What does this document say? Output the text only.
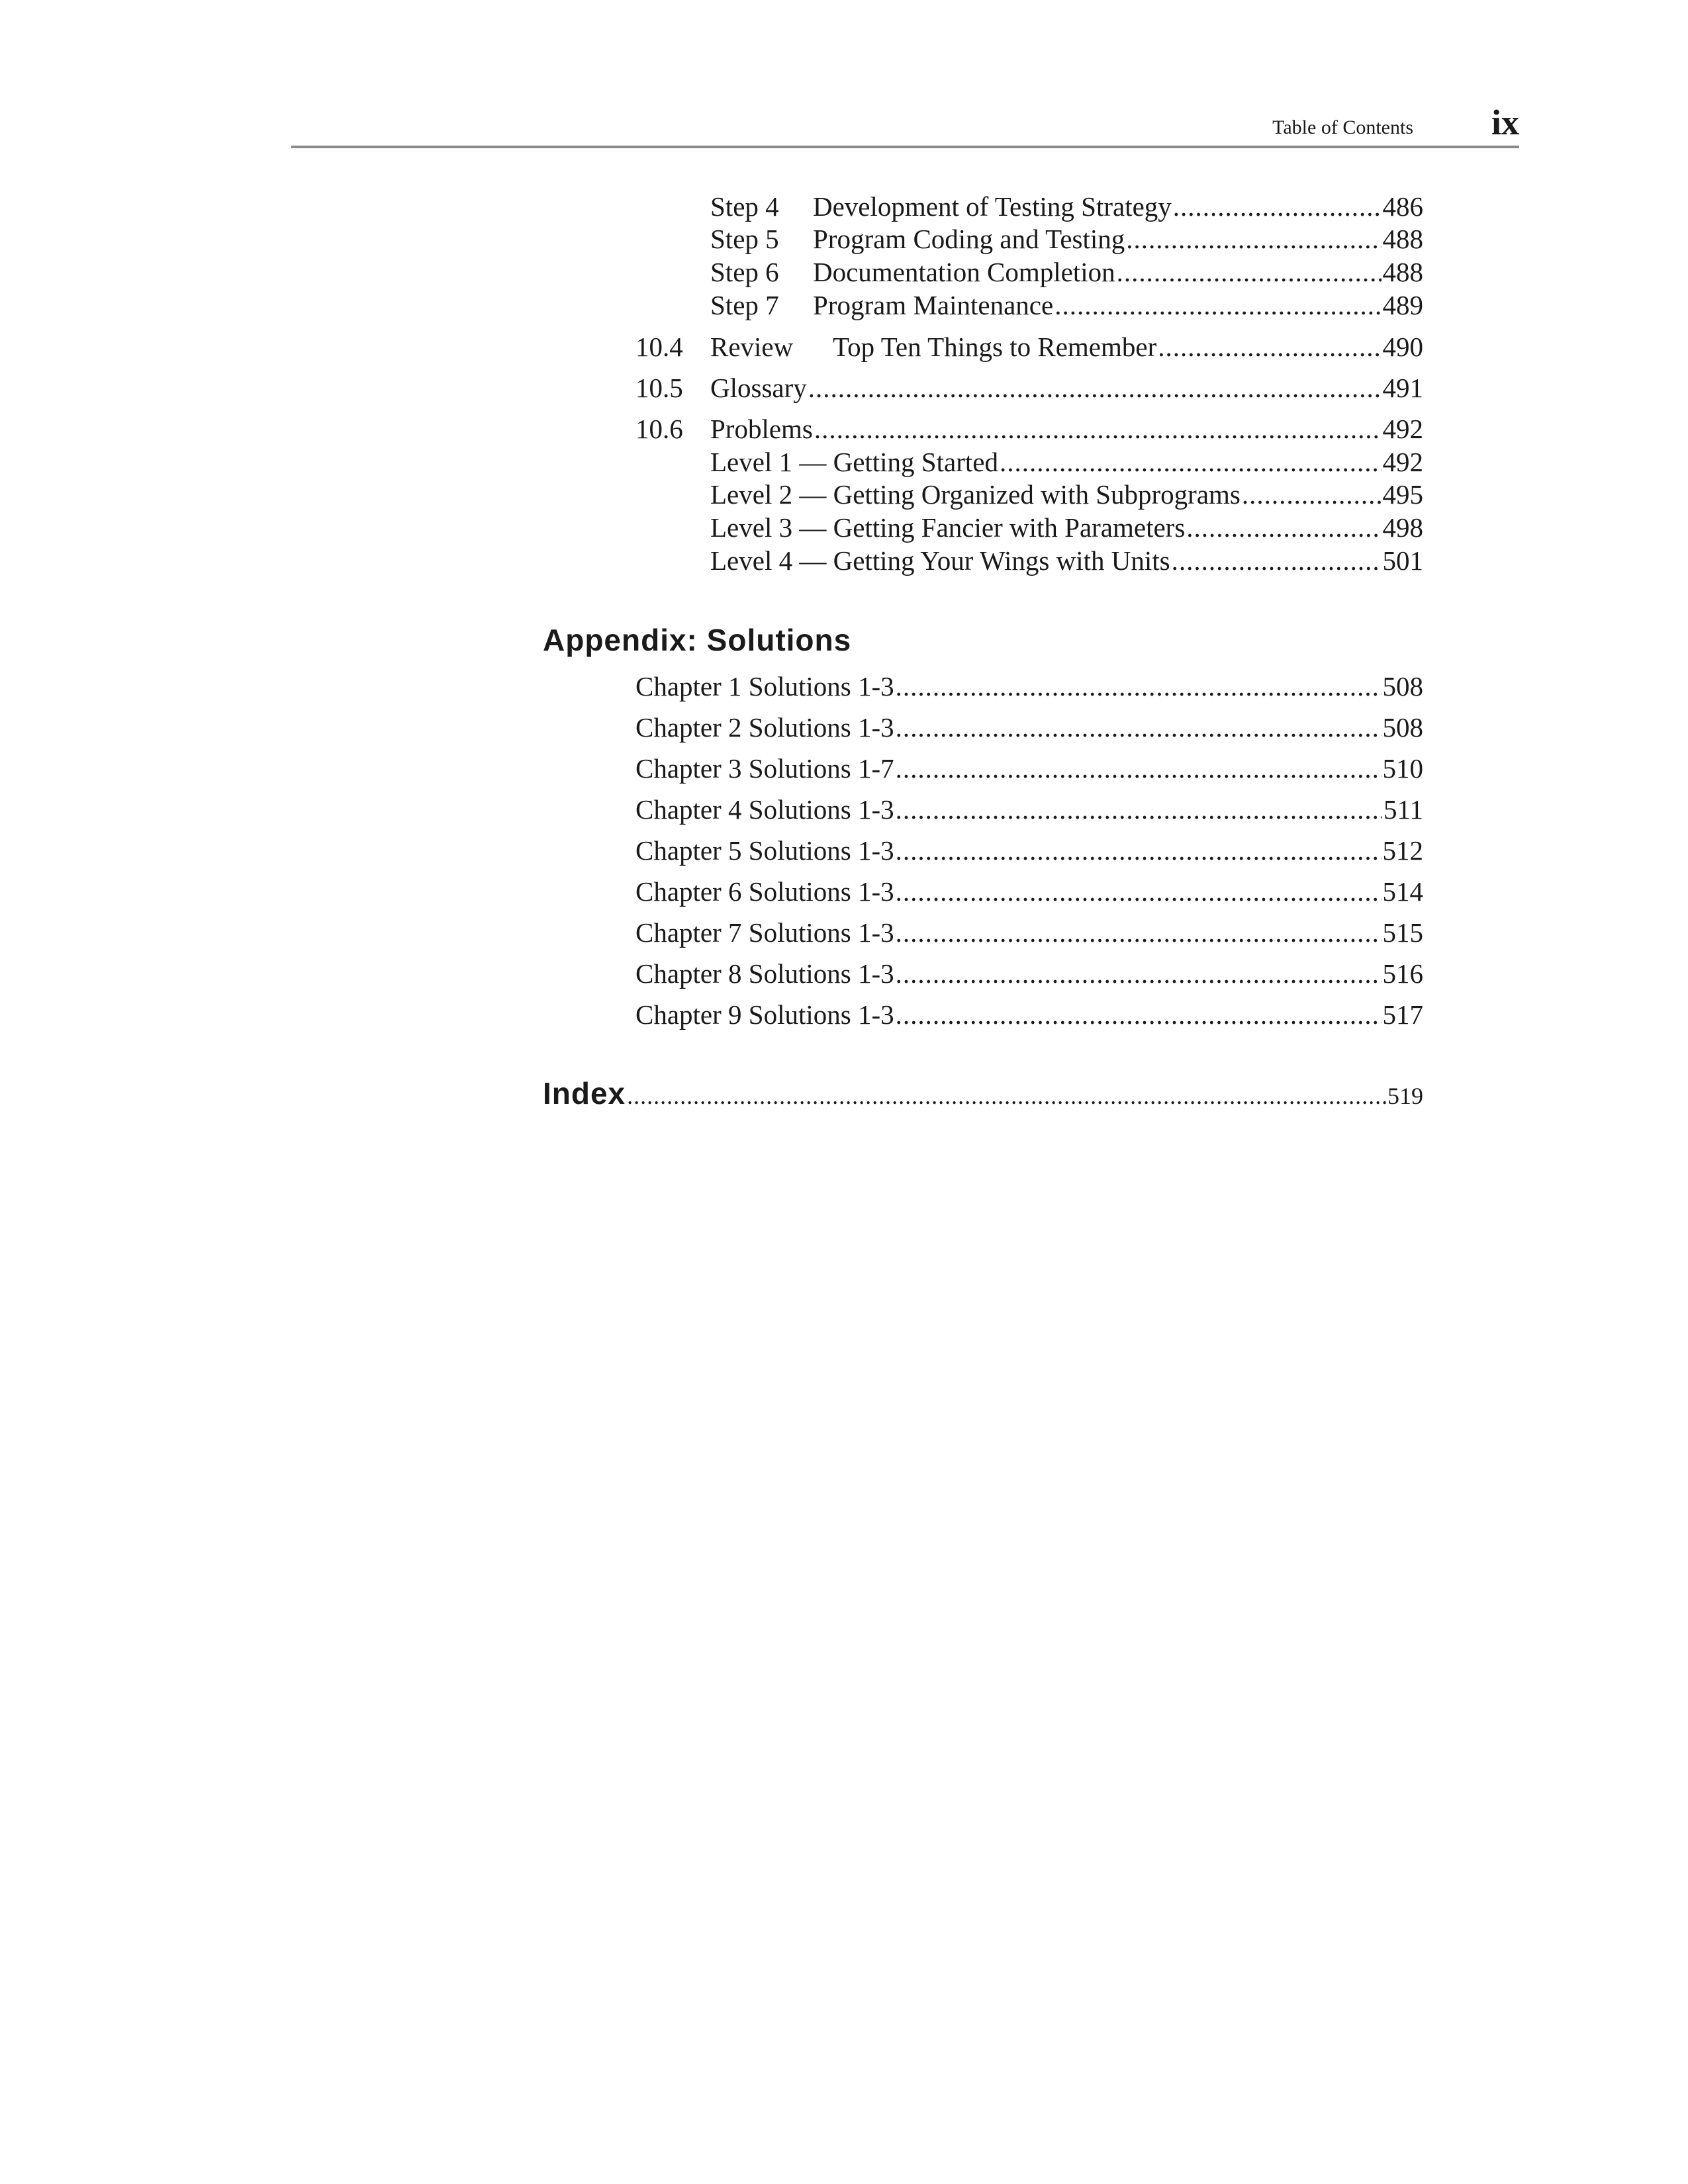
Table of Contents ix
Step 4	Development of Testing Strategy .....	486
Step 5	Program Coding and Testing .....	488
Step 6	Documentation Completion .....	488
Step 7	Program Maintenance .....	489
10.4	Review	Top Ten Things to Remember .....	490
10.5	Glossary .....	491
10.6	Problems .....	492
Level 1 — Getting Started .....	492
Level 2 — Getting Organized with Subprograms .....	495
Level 3 — Getting Fancier with Parameters .....	498
Level 4 — Getting Your Wings with Units .....	501
Appendix: Solutions
Chapter 1 Solutions 1-3 .....	508
Chapter 2 Solutions 1-3 .....	508
Chapter 3 Solutions 1-7 .....	510
Chapter 4 Solutions 1-3 .....	511
Chapter 5 Solutions 1-3 .....	512
Chapter 6 Solutions 1-3 .....	514
Chapter 7 Solutions 1-3 .....	515
Chapter 8 Solutions 1-3 .....	516
Chapter 9 Solutions 1-3 .....	517
Index .....	519
